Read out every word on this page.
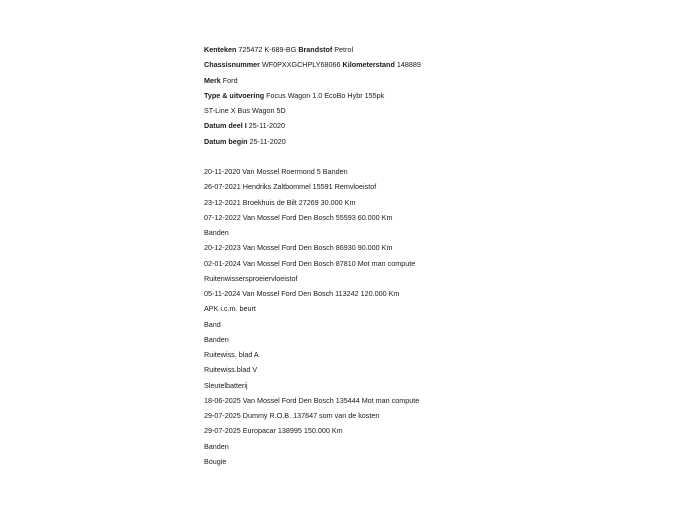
Kenteken 725472 K-689-BG Brandstof Petrol
Chassisnummer WF0PXXGCHPLY68066 Kilometerstand 148889
Merk Ford
Type & uitvoering Focus Wagon 1.0 EcoBo Hybr 155pk
ST-Line X Bus Wagon 5D
Datum deel I 25-11-2020
Datum begin 25-11-2020
20-11-2020 Van Mossel Roermond 5 Banden
26-07-2021 Hendriks Zaltbommel 15591 Remvloeistof
23-12-2021 Broekhuis de Bilt 27269 30.000 Km
07-12-2022 Van Mossel Ford Den Bosch 55593 60.000 Km
Banden
20-12-2023 Van Mossel Ford Den Bosch 86930 90.000 Km
02-01-2024 Van Mossel Ford Den Bosch 87810 Mot man compute
Ruitenwissersproeiervloeistof
05-11-2024 Van Mossel Ford Den Bosch 113242 120.000 Km
APK i.c.m. beurt
Band
Banden
Ruitewiss. blad A
Ruitewiss.blad V
Sleutelbatterij
18-06-2025 Van Mossel Ford Den Bosch 135444 Mot man compute
29-07-2025 Dummy R.O.B. 137647 som van de kosten
29-07-2025 Europacar 138995 150.000 Km
Banden
Bougie
